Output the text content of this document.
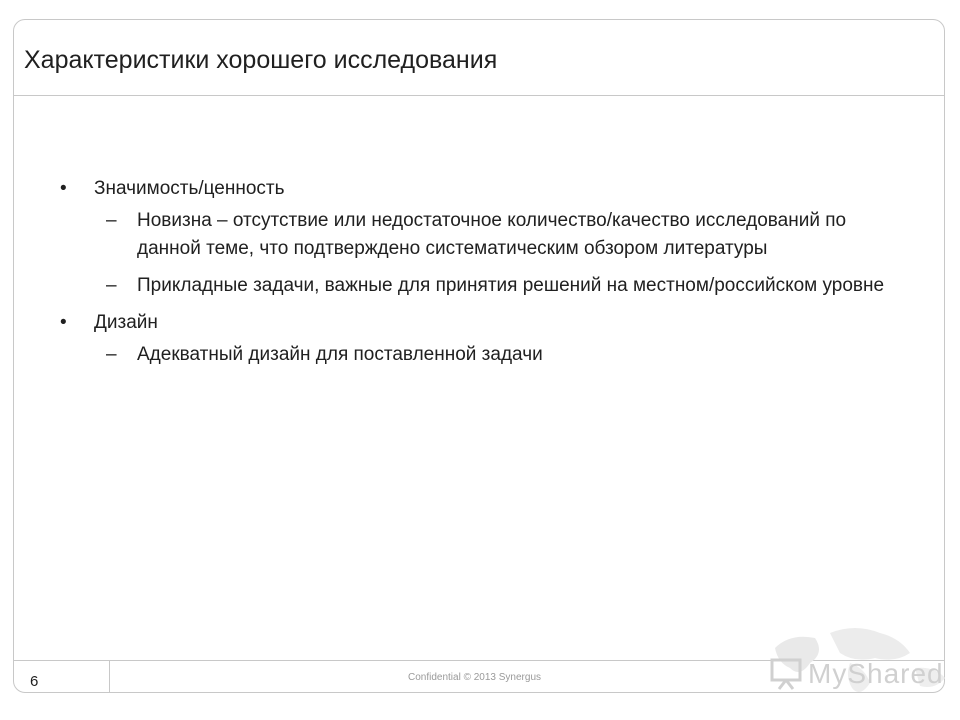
Характеристики хорошего исследования
•	Значимость/ценность
–	Новизна – отсутствие или недостаточное количество/качество исследований по данной теме, что подтверждено систематическим обзором литературы
–	Прикладные задачи, важные для принятия решений на местном/российском уровне
•	Дизайн
–	Адекватный дизайн для поставленной задачи
6	Confidential © 2013 Synergus	MyShared
